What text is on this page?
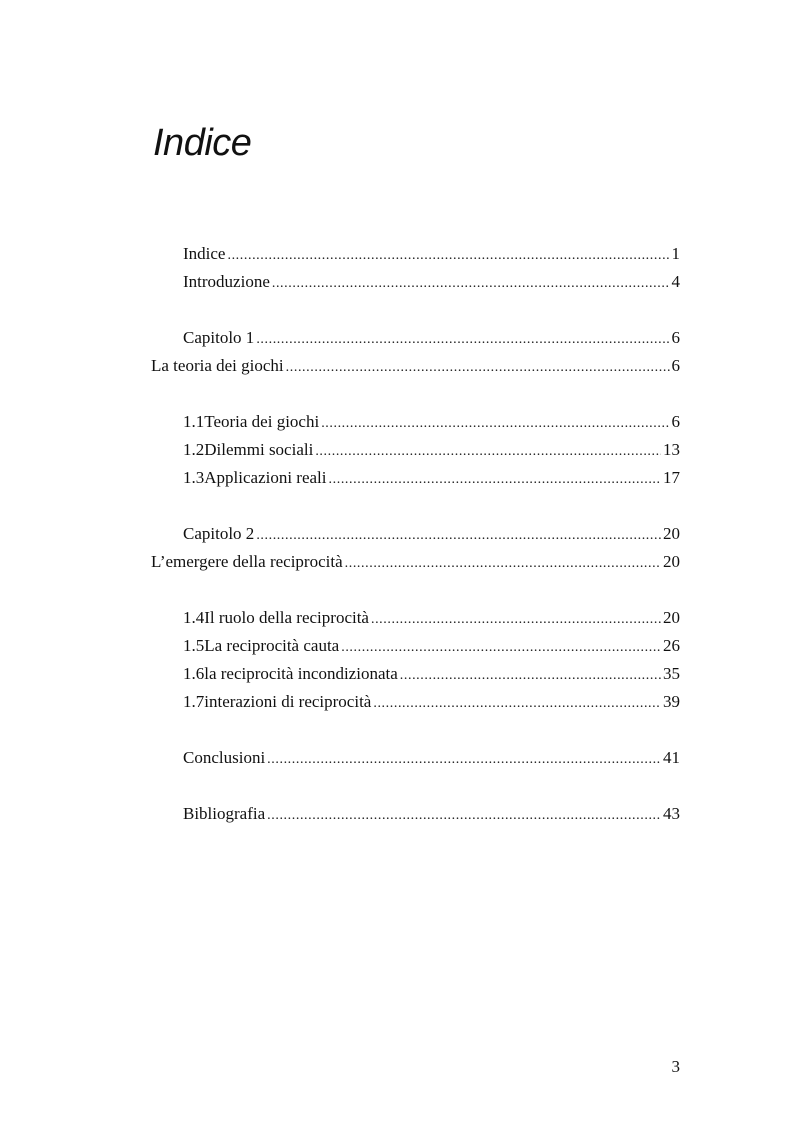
Indice
Indice .....	1
Introduzione .....	4
Capitolo 1 .....	6
La teoria dei giochi .....	6
1.1 Teoria dei giochi .....	6
1.2 Dilemmi sociali .....	13
1.3 Applicazioni reali .....	17
Capitolo 2 .....	20
L’emergere della reciprocità .....	20
1.4 Il ruolo della reciprocità .....	20
1.5 La reciprocità cauta .....	26
1.6 la reciprocità incondizionata .....	35
1.7 interazioni di reciprocità .....	39
Conclusioni .....	41
Bibliografia .....	43
3
